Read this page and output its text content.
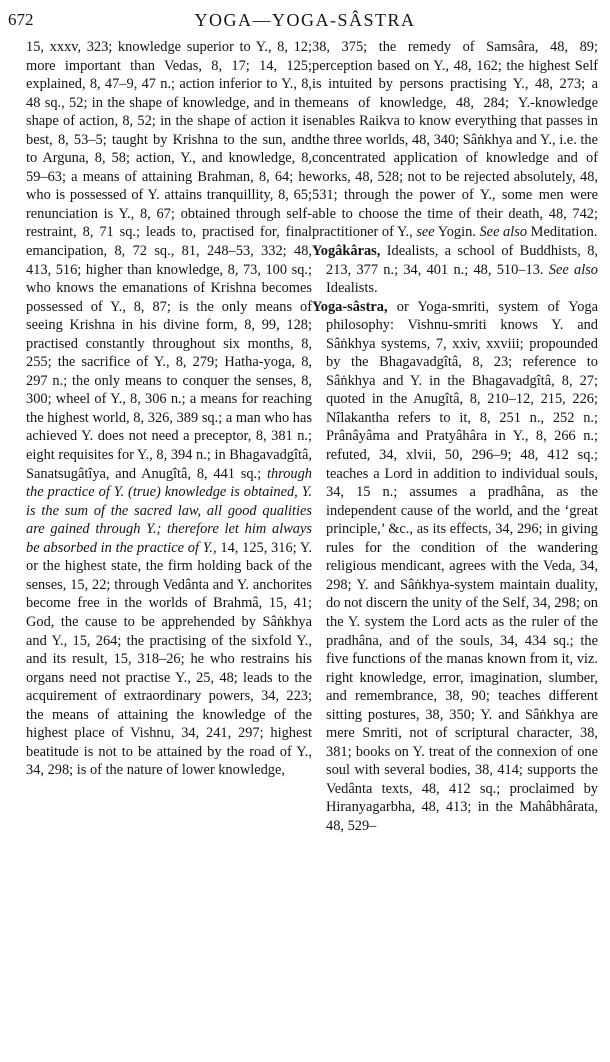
672	YOGA—YOGA-SÂSTRA

15, xxxv, 323; knowledge superior to Y., 8, 12; more important than Vedas, 8, 17; 14, 125; explained, 8, 47–9, 47 n.; action inferior to Y., 8, 48 sq., 52; in the shape of knowledge, and in the shape of action, 8, 52; in the shape of action it is best, 8, 53–5; taught by Krishna to the sun, and to Arguna, 8, 58; action, Y., and knowledge, 8, 59–63; a means of attaining Brahman, 8, 64; he who is possessed of Y. attains tranquillity, 8, 65; renunciation is Y., 8, 67; obtained through self-restraint, 8, 71 sq.; leads to, practised for, final emancipation, 8, 72 sq., 81, 248–53, 332; 48, 413, 516; higher than knowledge, 8, 73, 100 sq.; who knows the emanations of Krishna becomes possessed of Y., 8, 87; is the only means of seeing Krishna in his divine form, 8, 99, 128; practised constantly throughout six months, 8, 255; the sacrifice of Y., 8, 279; Hatha-yoga, 8, 297 n.; the only means to conquer the senses, 8, 300; wheel of Y., 8, 306 n.; a means for reaching the highest world, 8, 326, 389 sq.; a man who has achieved Y. does not need a preceptor, 8, 381 n.; eight requisites for Y., 8, 394 n.; in Bhagavadgîtâ, Sanatsugâtîya, and Anugîtâ, 8, 441 sq.; through the practice of Y. (true) knowledge is obtained, Y. is the sum of the sacred law, all good qualities are gained through Y.; therefore let him always be absorbed in the practice of Y., 14, 125, 316; Y. or the highest state, the firm holding back of the senses, 15, 22; through Vedânta and Y. anchorites become free in the worlds of Brahmâ, 15, 41; God, the cause to be apprehended by Sâṅkhya and Y., 15, 264; the practising of the sixfold Y., and its result, 15, 318–26; he who restrains his organs need not practise Y., 25, 48; leads to the acquirement of extraordinary powers, 34, 223; the means of attaining the knowledge of the highest place of Vishnu, 34, 241, 297; highest beatitude is not to be attained by the road of Y., 34, 298; is of the nature of lower knowledge,

38, 375; the remedy of Samsâra, 48, 89; perception based on Y., 48, 162; the highest Self is intuited by persons practising Y., 48, 273; a means of knowledge, 48, 284; Y.-knowledge enables Raikva to know everything that passes in the three worlds, 48, 340; Sâṅkhya and Y., i.e. the concentrated application of knowledge and of works, 48, 528; not to be rejected absolutely, 48, 531; through the power of Y., some men were able to choose the time of their death, 48, 742; practitioner of Y., see Yogin. See also Meditation.

Yogâkâras, Idealists, a school of Buddhists, 8, 213, 377 n.; 34, 401 n.; 48, 510–13. See also Idealists.

Yoga-sâstra, or Yoga-smriti, system of Yoga philosophy: Vishnu-smriti knows Y. and Sâṅkhya systems, 7, xxiv, xxviii; propounded by the Bhagavadgîtâ, 8, 23; reference to Sâṅkhya and Y. in the Bhagavadgîtâ, 8, 27; quoted in the Anugîtâ, 8, 210–12, 215, 226; Nîlakantha refers to it, 8, 251 n., 252 n.; Prânâyâma and Pratyâhâra in Y., 8, 266 n.; refuted, 34, xlvii, 50, 296–9; 48, 412 sq.; teaches a Lord in addition to individual souls, 34, 15 n.; assumes a pradhâna, as the independent cause of the world, and the ‘great principle,’ &c., as its effects, 34, 296; in giving rules for the condition of the wandering religious mendicant, agrees with the Veda, 34, 298; Y. and Sâṅkhya-system maintain duality, do not discern the unity of the Self, 34, 298; on the Y. system the Lord acts as the ruler of the pradhâna, and of the souls, 34, 434 sq.; the five functions of the manas known from it, viz. right knowledge, error, imagination, slumber, and remembrance, 38, 90; teaches different sitting postures, 38, 350; Y. and Sâṅkhya are mere Smriti, not of scriptural character, 38, 381; books on Y. treat of the connexion of one soul with several bodies, 38, 414; supports the Vedânta texts, 48, 412 sq.; proclaimed by Hiranyagarbha, 48, 413; in the Mahâbhârata, 48, 529–
